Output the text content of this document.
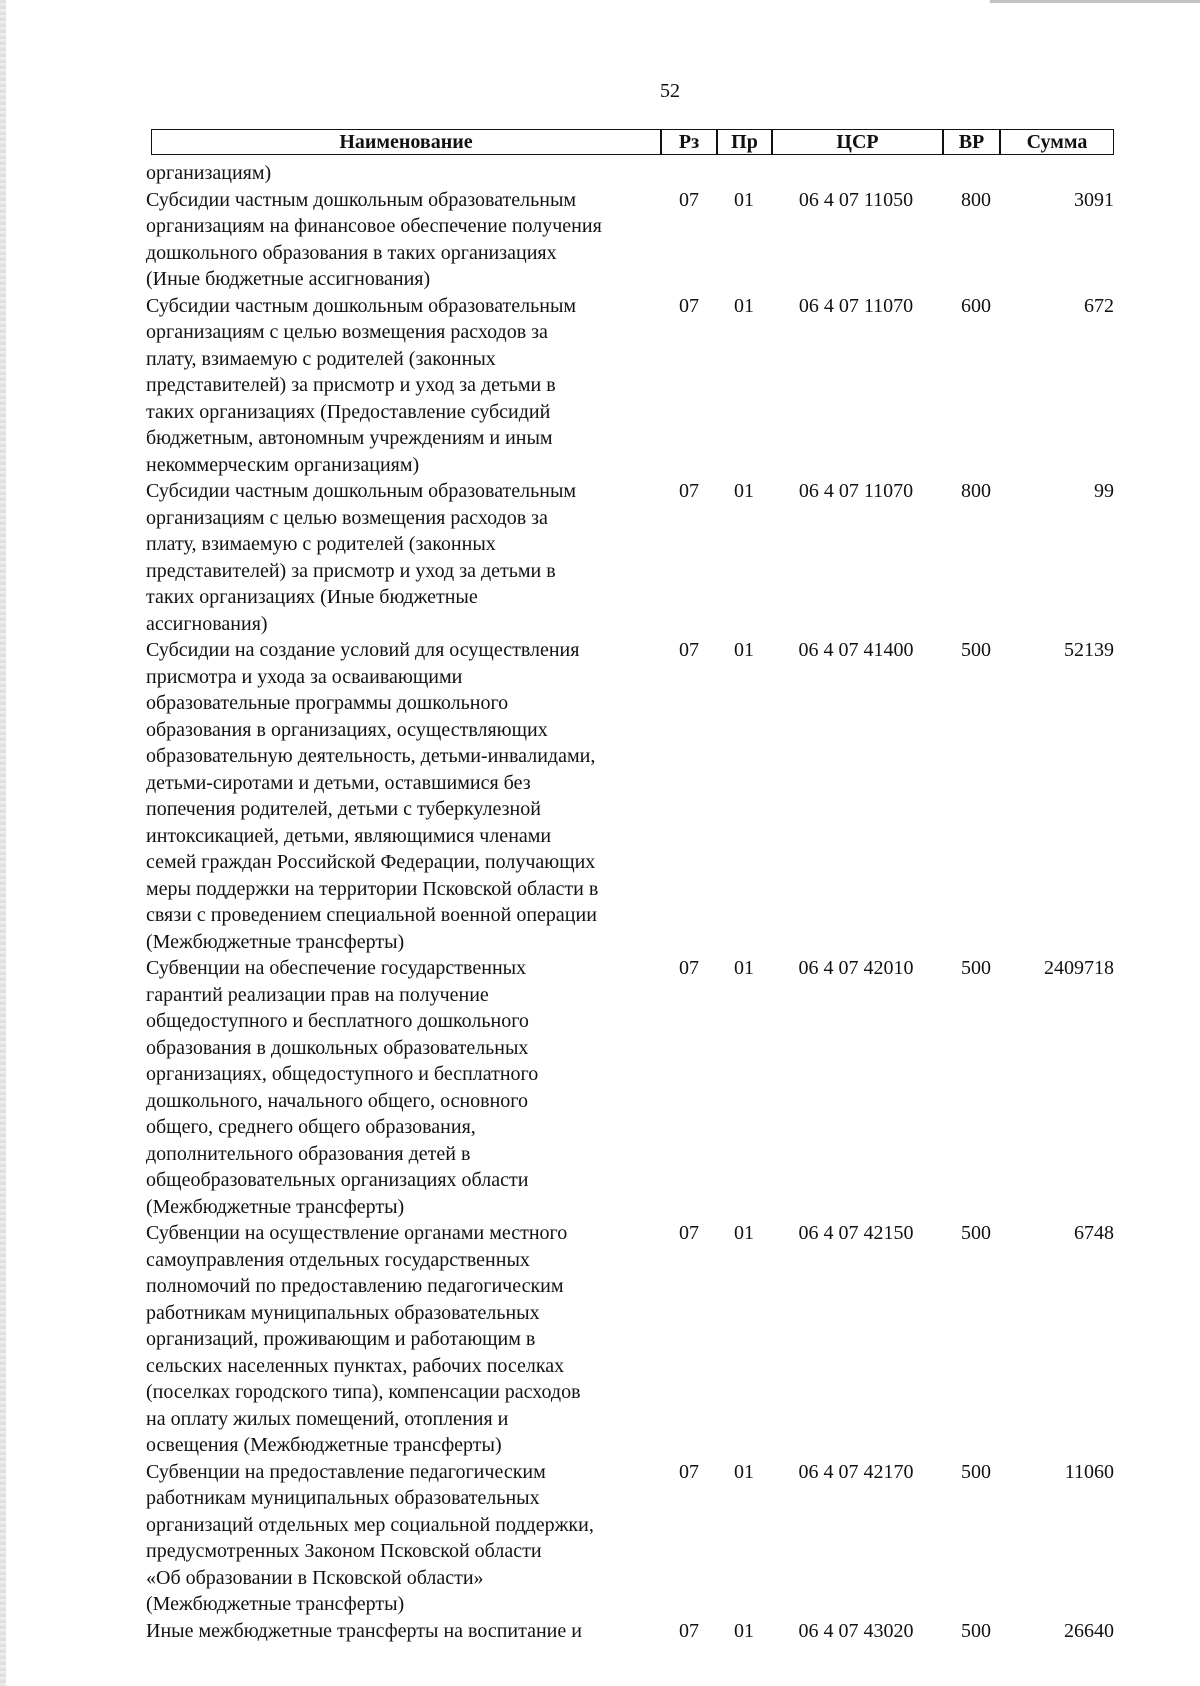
52
Наименование	Рз	Пр	ЦСР	ВР	Сумма
организациям)
Субсидии частным дошкольным образовательным
организациям на финансовое обеспечение получения
дошкольного образования в таких организациях
(Иные бюджетные ассигнования)
07	01	06 4 07 11050	800	3091
Субсидии частным дошкольным образовательным
организациям с целью возмещения расходов за
плату, взимаемую с родителей (законных
представителей) за присмотр и уход за детьми в
таких организациях (Предоставление субсидий
бюджетным, автономным учреждениям и иным
некоммерческим организациям)
07	01	06 4 07 11070	600	672
Субсидии частным дошкольным образовательным
организациям с целью возмещения расходов за
плату, взимаемую с родителей (законных
представителей) за присмотр и уход за детьми в
таких организациях (Иные бюджетные
ассигнования)
07	01	06 4 07 11070	800	99
Субсидии на создание условий для осуществления
присмотра и ухода за осваивающими
образовательные программы дошкольного
образования в организациях, осуществляющих
образовательную деятельность, детьми-инвалидами,
детьми-сиротами и детьми, оставшимися без
попечения родителей, детьми с туберкулезной
интоксикацией, детьми, являющимися членами
семей граждан Российской Федерации, получающих
меры поддержки на территории Псковской области в
связи с проведением специальной военной операции
(Межбюджетные трансферты)
07	01	06 4 07 41400	500	52139
Субвенции на обеспечение государственных
гарантий реализации прав на получение
общедоступного и бесплатного дошкольного
образования в дошкольных образовательных
организациях, общедоступного и бесплатного
дошкольного, начального общего, основного
общего, среднего общего образования,
дополнительного образования детей в
общеобразовательных организациях области
(Межбюджетные трансферты)
07	01	06 4 07 42010	500	2409718
Субвенции на осуществление органами местного
самоуправления отдельных государственных
полномочий по предоставлению педагогическим
работникам муниципальных образовательных
организаций, проживающим и работающим в
сельских населенных пунктах, рабочих поселках
(поселках городского типа), компенсации расходов
на оплату жилых помещений, отопления и
освещения (Межбюджетные трансферты)
07	01	06 4 07 42150	500	6748
Субвенции на предоставление педагогическим
работникам муниципальных образовательных
организаций отдельных мер социальной поддержки,
предусмотренных Законом Псковской области
«Об образовании в Псковской области»
(Межбюджетные трансферты)
07	01	06 4 07 42170	500	11060
Иные межбюджетные трансферты на воспитание и	07	01	06 4 07 43020	500	26640
